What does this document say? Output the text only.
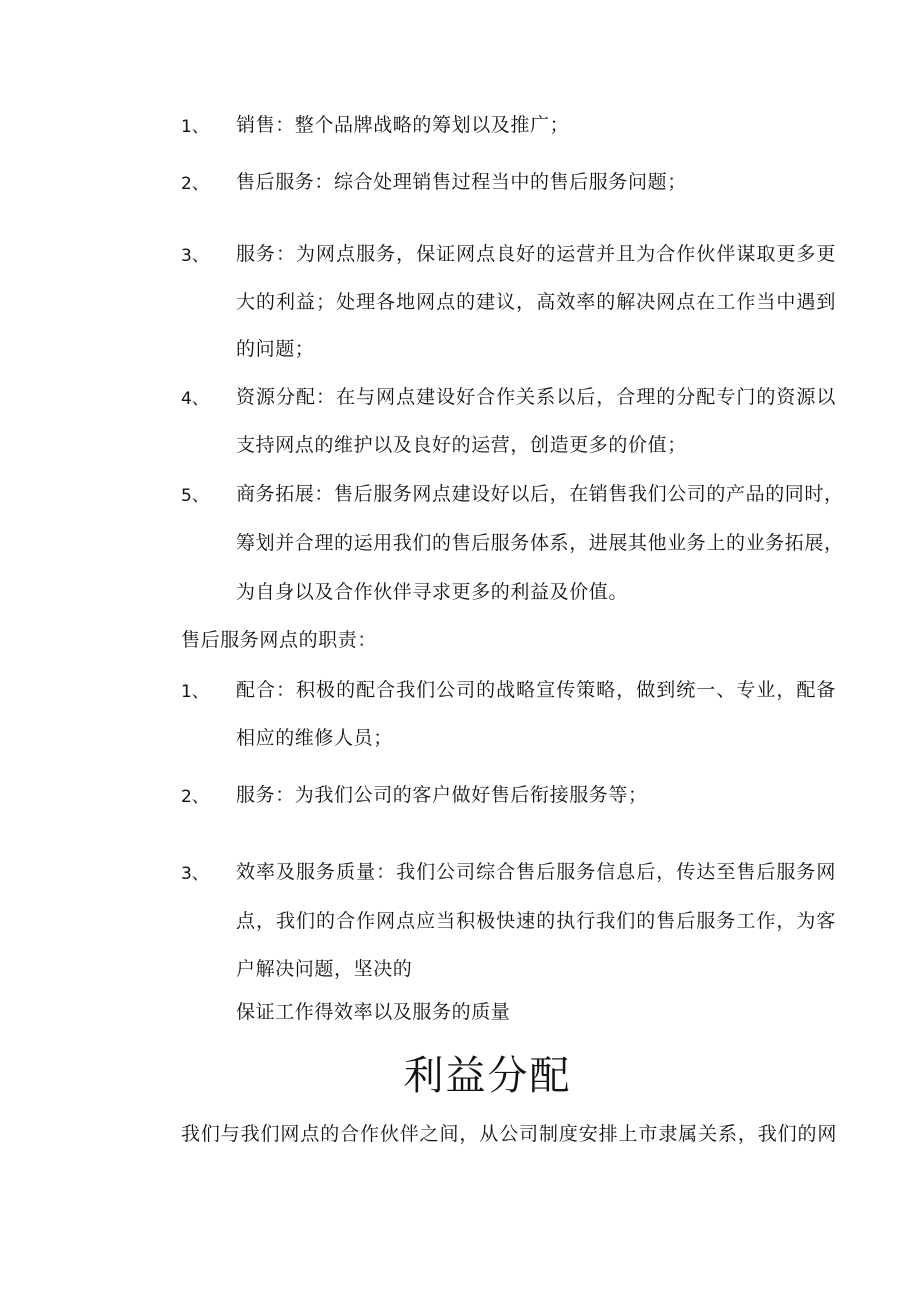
1、 销售：整个品牌战略的筹划以及推广；
2、 售后服务：综合处理销售过程当中的售后服务问题；
3、 服务：为网点服务，保证网点良好的运营并且为合作伙伴谋取更多更
大的利益；处理各地网点的建议，高效率的解决网点在工作当中遇到
的问题；
4、 资源分配：在与网点建设好合作关系以后，合理的分配专门的资源以
支持网点的维护以及良好的运营，创造更多的价值；
5、 商务拓展：售后服务网点建设好以后，在销售我们公司的产品的同时，
筹划并合理的运用我们的售后服务体系，进展其他业务上的业务拓展，
为自身以及合作伙伴寻求更多的利益及价值。
售后服务网点的职责：
1、 配合：积极的配合我们公司的战略宣传策略，做到统一、专业，配备
相应的维修人员；
2、 服务：为我们公司的客户做好售后衔接服务等；
3、 效率及服务质量：我们公司综合售后服务信息后，传达至售后服务网
点，我们的合作网点应当积极快速的执行我们的售后服务工作，为客
户解决问题，坚决的
保证工作得效率以及服务的质量
利益分配
我们与我们网点的合作伙伴之间，从公司制度安排上市隶属关系，我们的网
